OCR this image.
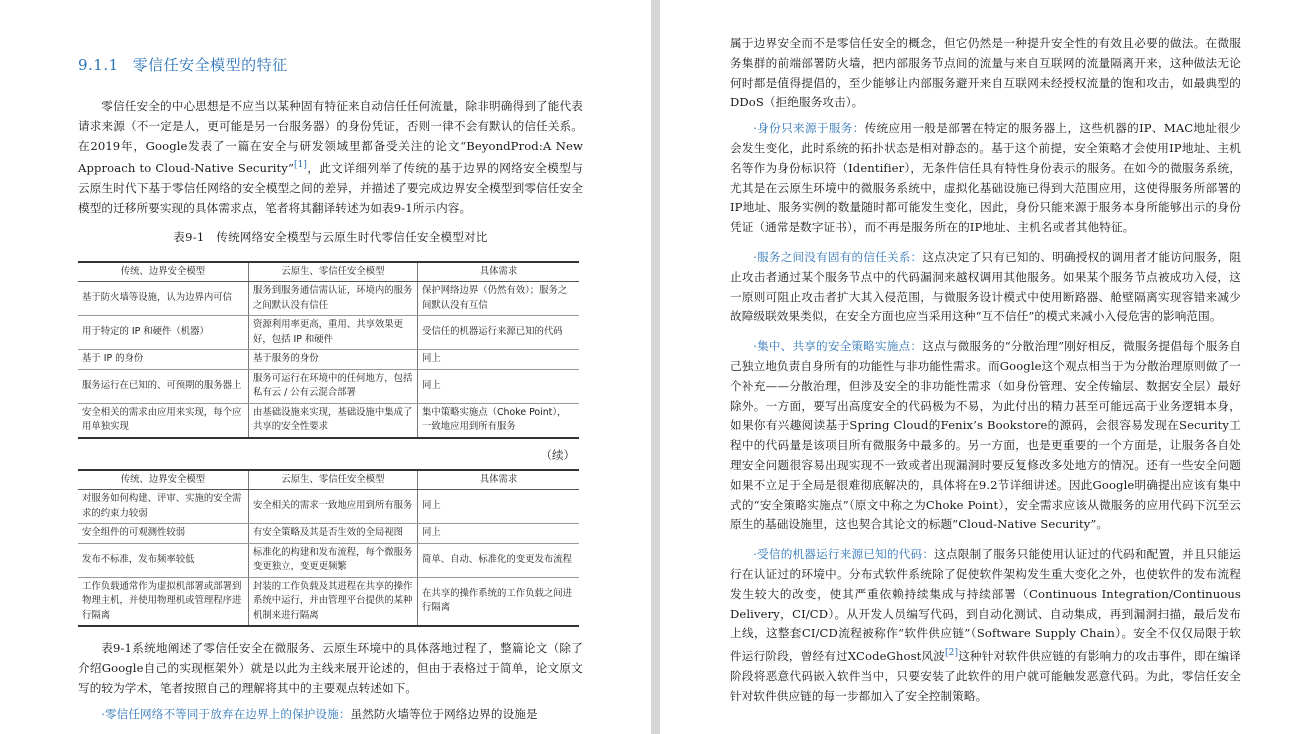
9.1.1 零信任安全模型的特征

零信任安全的中心思想是不应当以某种固有特征来自动信任任何流量，除非明确得到了能代表请求来源（不一定是人，更可能是另一台服务器）的身份凭证，否则一律不会有默认的信任关系。在2019年，Google发表了一篇在安全与研发领域里都备受关注的论文“BeyondProd:A New Approach to Cloud-Native Security”[1]，此文详细列举了传统的基于边界的网络安全模型与云原生时代下基于零信任网络的安全模型之间的差异，并描述了要完成边界安全模型到零信任安全模型的迁移所要实现的具体需求点，笔者将其翻译转述为如表9-1所示内容。

表9-1　传统网络安全模型与云原生时代零信任安全模型对比
传统、边界安全模型	云原生、零信任安全模型	具体需求
基于防火墙等设施，认为边界内可信	服务到服务通信需认证，环境内的服务之间默认没有信任	保护网络边界（仍然有效）；服务之间默认没有互信
用于特定的 IP 和硬件（机器）	资源利用率更高，重用、共享效果更好，包括 IP 和硬件	受信任的机器运行来源已知的代码
基于 IP 的身份	基于服务的身份	同上
服务运行在已知的、可预期的服务器上	服务可运行在环境中的任何地方，包括私有云 / 公有云混合部署	同上
安全相关的需求由应用来实现，每个应用单独实现	由基础设施来实现，基础设施中集成了共享的安全性要求	集中策略实施点（Choke Point），一致地应用到所有服务
（续）
传统、边界安全模型	云原生、零信任安全模型	具体需求
对服务如何构建、评审、实施的安全需求的约束力较弱	安全相关的需求一致地应用到所有服务	同上
安全组件的可观测性较弱	有安全策略及其是否生效的全局视图	同上
发布不标准，发布频率较低	标准化的构建和发布流程，每个微服务变更独立，变更更频繁	简单、自动、标准化的变更发布流程
工作负载通常作为虚拟机部署或部署到物理主机，并使用物理机或管理程序进行隔离	封装的工作负载及其进程在共享的操作系统中运行，并由管理平台提供的某种机制来进行隔离	在共享的操作系统的工作负载之间进行隔离

表9-1系统地阐述了零信任安全在微服务、云原生环境中的具体落地过程了，整篇论文（除了介绍Google自己的实现框架外）就是以此为主线来展开论述的，但由于表格过于简单，论文原文写的较为学术，笔者按照自己的理解将其中的主要观点转述如下。

·零信任网络不等同于放弃在边界上的保护设施：虽然防火墙等位于网络边界的设施是

属于边界安全而不是零信任安全的概念，但它仍然是一种提升安全性的有效且必要的做法。在微服务集群的前端部署防火墙，把内部服务节点间的流量与来自互联网的流量隔离开来，这种做法无论何时都是值得提倡的，至少能够让内部服务避开来自互联网未经授权流量的饱和攻击，如最典型的DDoS（拒绝服务攻击）。

·身份只来源于服务：传统应用一般是部署在特定的服务器上，这些机器的IP、MAC地址很少会发生变化，此时系统的拓扑状态是相对静态的。基于这个前提，安全策略才会使用IP地址、主机名等作为身份标识符（Identifier），无条件信任具有特性身份表示的服务。在如今的微服务系统，尤其是在云原生环境中的微服务系统中，虚拟化基础设施已得到大范围应用，这使得服务所部署的IP地址、服务实例的数量随时都可能发生变化，因此，身份只能来源于服务本身所能够出示的身份凭证（通常是数字证书），而不再是服务所在的IP地址、主机名或者其他特征。

·服务之间没有固有的信任关系：这点决定了只有已知的、明确授权的调用者才能访问服务，阻止攻击者通过某个服务节点中的代码漏洞来越权调用其他服务。如果某个服务节点被成功入侵，这一原则可阻止攻击者扩大其入侵范围，与微服务设计模式中使用断路器、舱壁隔离实现容错来减少故障级联效果类似，在安全方面也应当采用这种“互不信任”的模式来减小入侵危害的影响范围。

·集中、共享的安全策略实施点：这点与微服务的“分散治理”刚好相反，微服务提倡每个服务自己独立地负责自身所有的功能性与非功能性需求。而Google这个观点相当于为分散治理原则做了一个补充——分散治理，但涉及安全的非功能性需求（如身份管理、安全传输层、数据安全层）最好除外。一方面，要写出高度安全的代码极为不易，为此付出的精力甚至可能远高于业务逻辑本身，如果你有兴趣阅读基于Spring Cloud的Fenix’s Bookstore的源码，会很容易发现在Security工程中的代码量是该项目所有微服务中最多的。另一方面，也是更重要的一个方面是，让服务各自处理安全问题很容易出现实现不一致或者出现漏洞时要反复修改多处地方的情况。还有一些安全问题如果不立足于全局是很难彻底解决的，具体将在9.2节详细讲述。因此Google明确提出应该有集中式的“安全策略实施点”（原文中称之为Choke Point），安全需求应该从微服务的应用代码下沉至云原生的基础设施里，这也契合其论文的标题“Cloud-Native Security”。

·受信的机器运行来源已知的代码：这点限制了服务只能使用认证过的代码和配置，并且只能运行在认证过的环境中。分布式软件系统除了促使软件架构发生重大变化之外，也使软件的发布流程发生较大的改变，使其严重依赖持续集成与持续部署（Continuous Integration/Continuous Delivery，CI/CD）。从开发人员编写代码，到自动化测试、自动集成，再到漏洞扫描，最后发布上线，这整套CI/CD流程被称作“软件供应链”（Software Supply Chain）。安全不仅仅局限于软件运行阶段，曾经有过XCodeGhost风波[2]这种针对软件供应链的有影响力的攻击事件，即在编译阶段将恶意代码嵌入软件当中，只要安装了此软件的用户就可能触发恶意代码。为此，零信任安全针对软件供应链的每一步都加入了安全控制策略。
